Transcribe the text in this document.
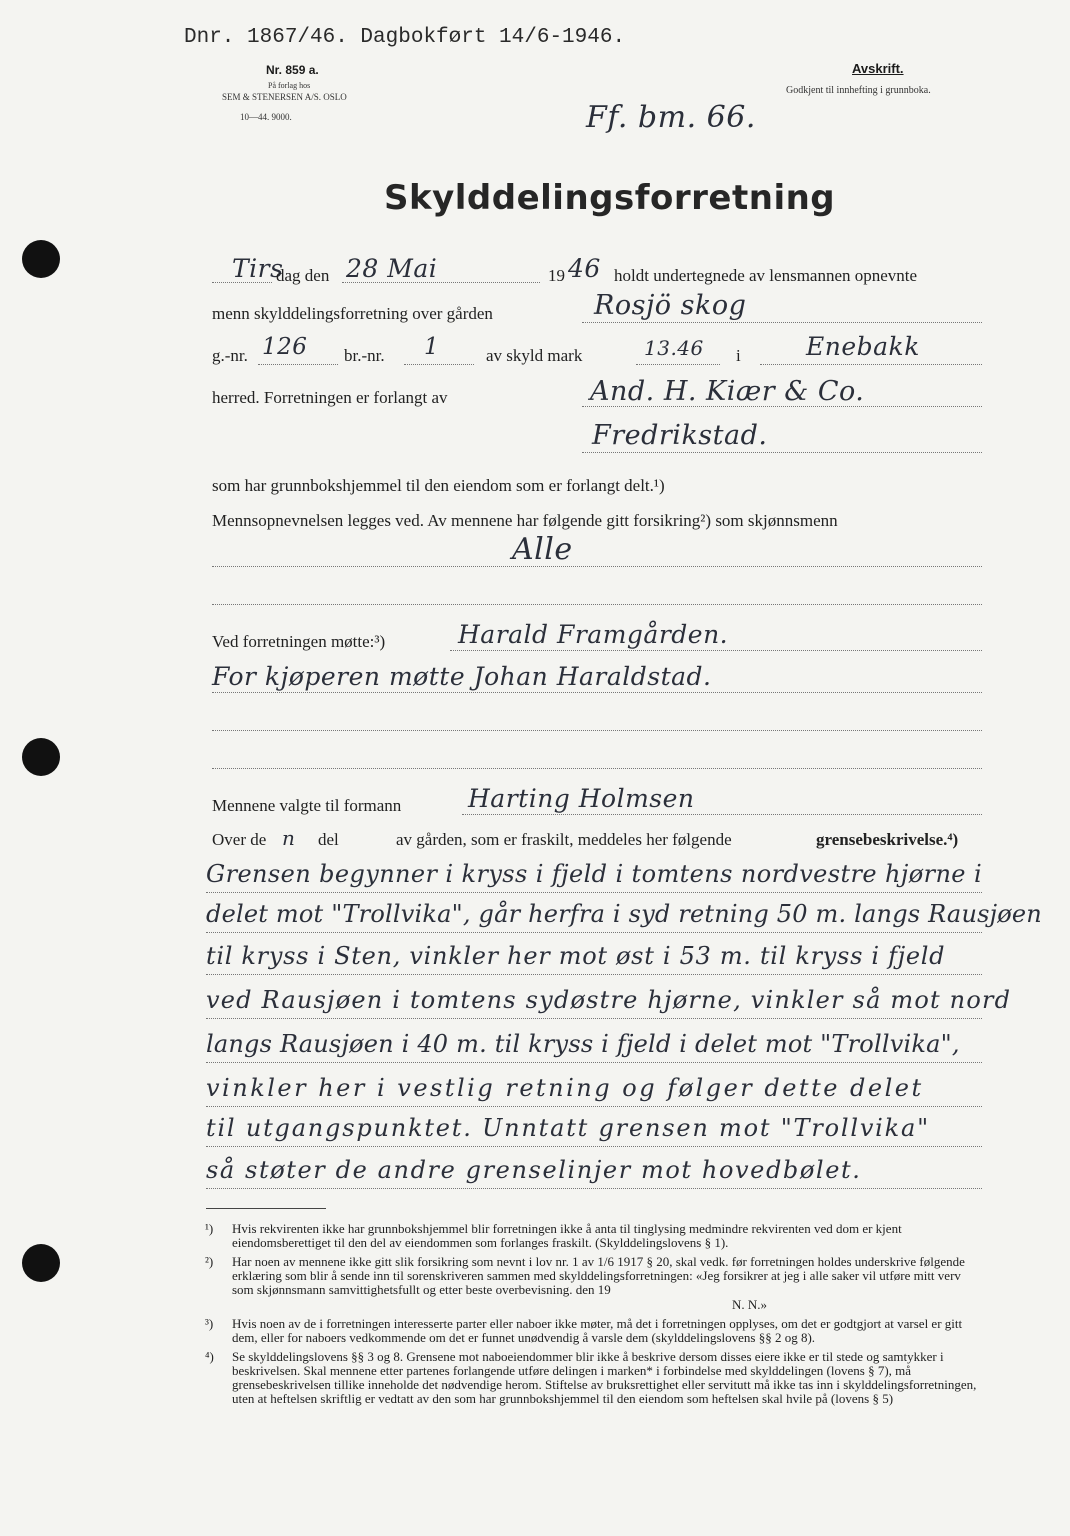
Dnr. 1867/46. Dagbokført 14/6-1946.
Nr. 859 a.
På forlag hos
SEM & STENERSEN A/S. OSLO
10—44. 9000.
Avskrift.
Godkjent til innhefting i grunnboka.
Ff. bm. 66.
Skylddelingsforretning
Tirs
dag den 28 Mai	19 46 holdt undertegnede av lensmannen opnevnte
menn skylddelingsforretning over gården	Rosjö skog
g.-nr. 126 br.-nr. 1	av skyld mark	13.46 i	Enebakk
herred. Forretningen er forlangt av	And. H. Kiær & Co.
Fredrikstad.
som har grunnbokshjemmel til den eiendom som er forlangt delt.¹)
Mennsopnevnelsen legges ved. Av mennene har følgende gitt forsikring²) som skjønnsmenn
Alle
Ved forretningen møtte:³)	Harald Framgården.
For kjøperen møtte Johan Haraldstad.
Mennene valgte til formann	Harting Holmsen
Over de n del	av gården, som er fraskilt, meddeles her følgende	grensebeskrivelse.⁴)
Grensen begynner i kryss i fjeld i tomtens nordvestre hjørne i
delet mot "Trollvika", går herfra i syd retning 50 m. langs Rausjøen
til kryss i Sten, vinkler her mot øst i 53 m. til kryss i fjeld
ved Rausjøen i tomtens sydøstre hjørne, vinkler så mot nord
langs Rausjøen i 40 m. til kryss i fjeld i delet mot "Trollvika",
vinkler her i vestlig retning og følger dette delet
til utgangspunktet. Unntatt grensen mot "Trollvika"
så støter de andre grenselinjer mot hovedbølet.
¹) Hvis rekvirenten ikke har grunnbokshjemmel blir forretningen ikke å anta til tinglysing medmindre rekvirenten ved dom er kjent eiendomsberettiget til den del av eiendommen som forlanges fraskilt. (Skylddelingslovens § 1).
²) Har noen av mennene ikke gitt slik forsikring som nevnt i lov nr. 1 av 1/6 1917 § 20, skal vedk. før forretningen holdes underskrive følgende erklæring som blir å sende inn til sorenskriveren sammen med skylddelingsforretningen: «Jeg forsikrer at jeg i alle saker vil utføre mitt verv som skjønnsmann samvittighetsfullt og etter beste overbevisning. den 19
N. N.»
³) Hvis noen av de i forretningen interesserte parter eller naboer ikke møter, må det i forretningen opplyses, om det er godtgjort at varsel er gitt dem, eller for naboers vedkommende om det er funnet unødvendig å varsle dem (skylddelingslovens §§ 2 og 8).
⁴) Se skylddelingslovens §§ 3 og 8. Grensene mot naboeiendommer blir ikke å beskrive dersom disses eiere ikke er til stede og samtykker i beskrivelsen. Skal mennene etter partenes forlangende utføre delingen i marken* i forbindelse med skylddelingen (lovens § 7), må grensebeskrivelsen tillike inneholde det nødvendige herom. Stiftelse av bruksrettighet eller servitutt må ikke tas inn i skylddelingsforretningen, uten at heftelsen skriftlig er vedtatt av den som har grunnbokshjemmel til den eiendom som heftelsen skal hvile på (lovens § 5)
